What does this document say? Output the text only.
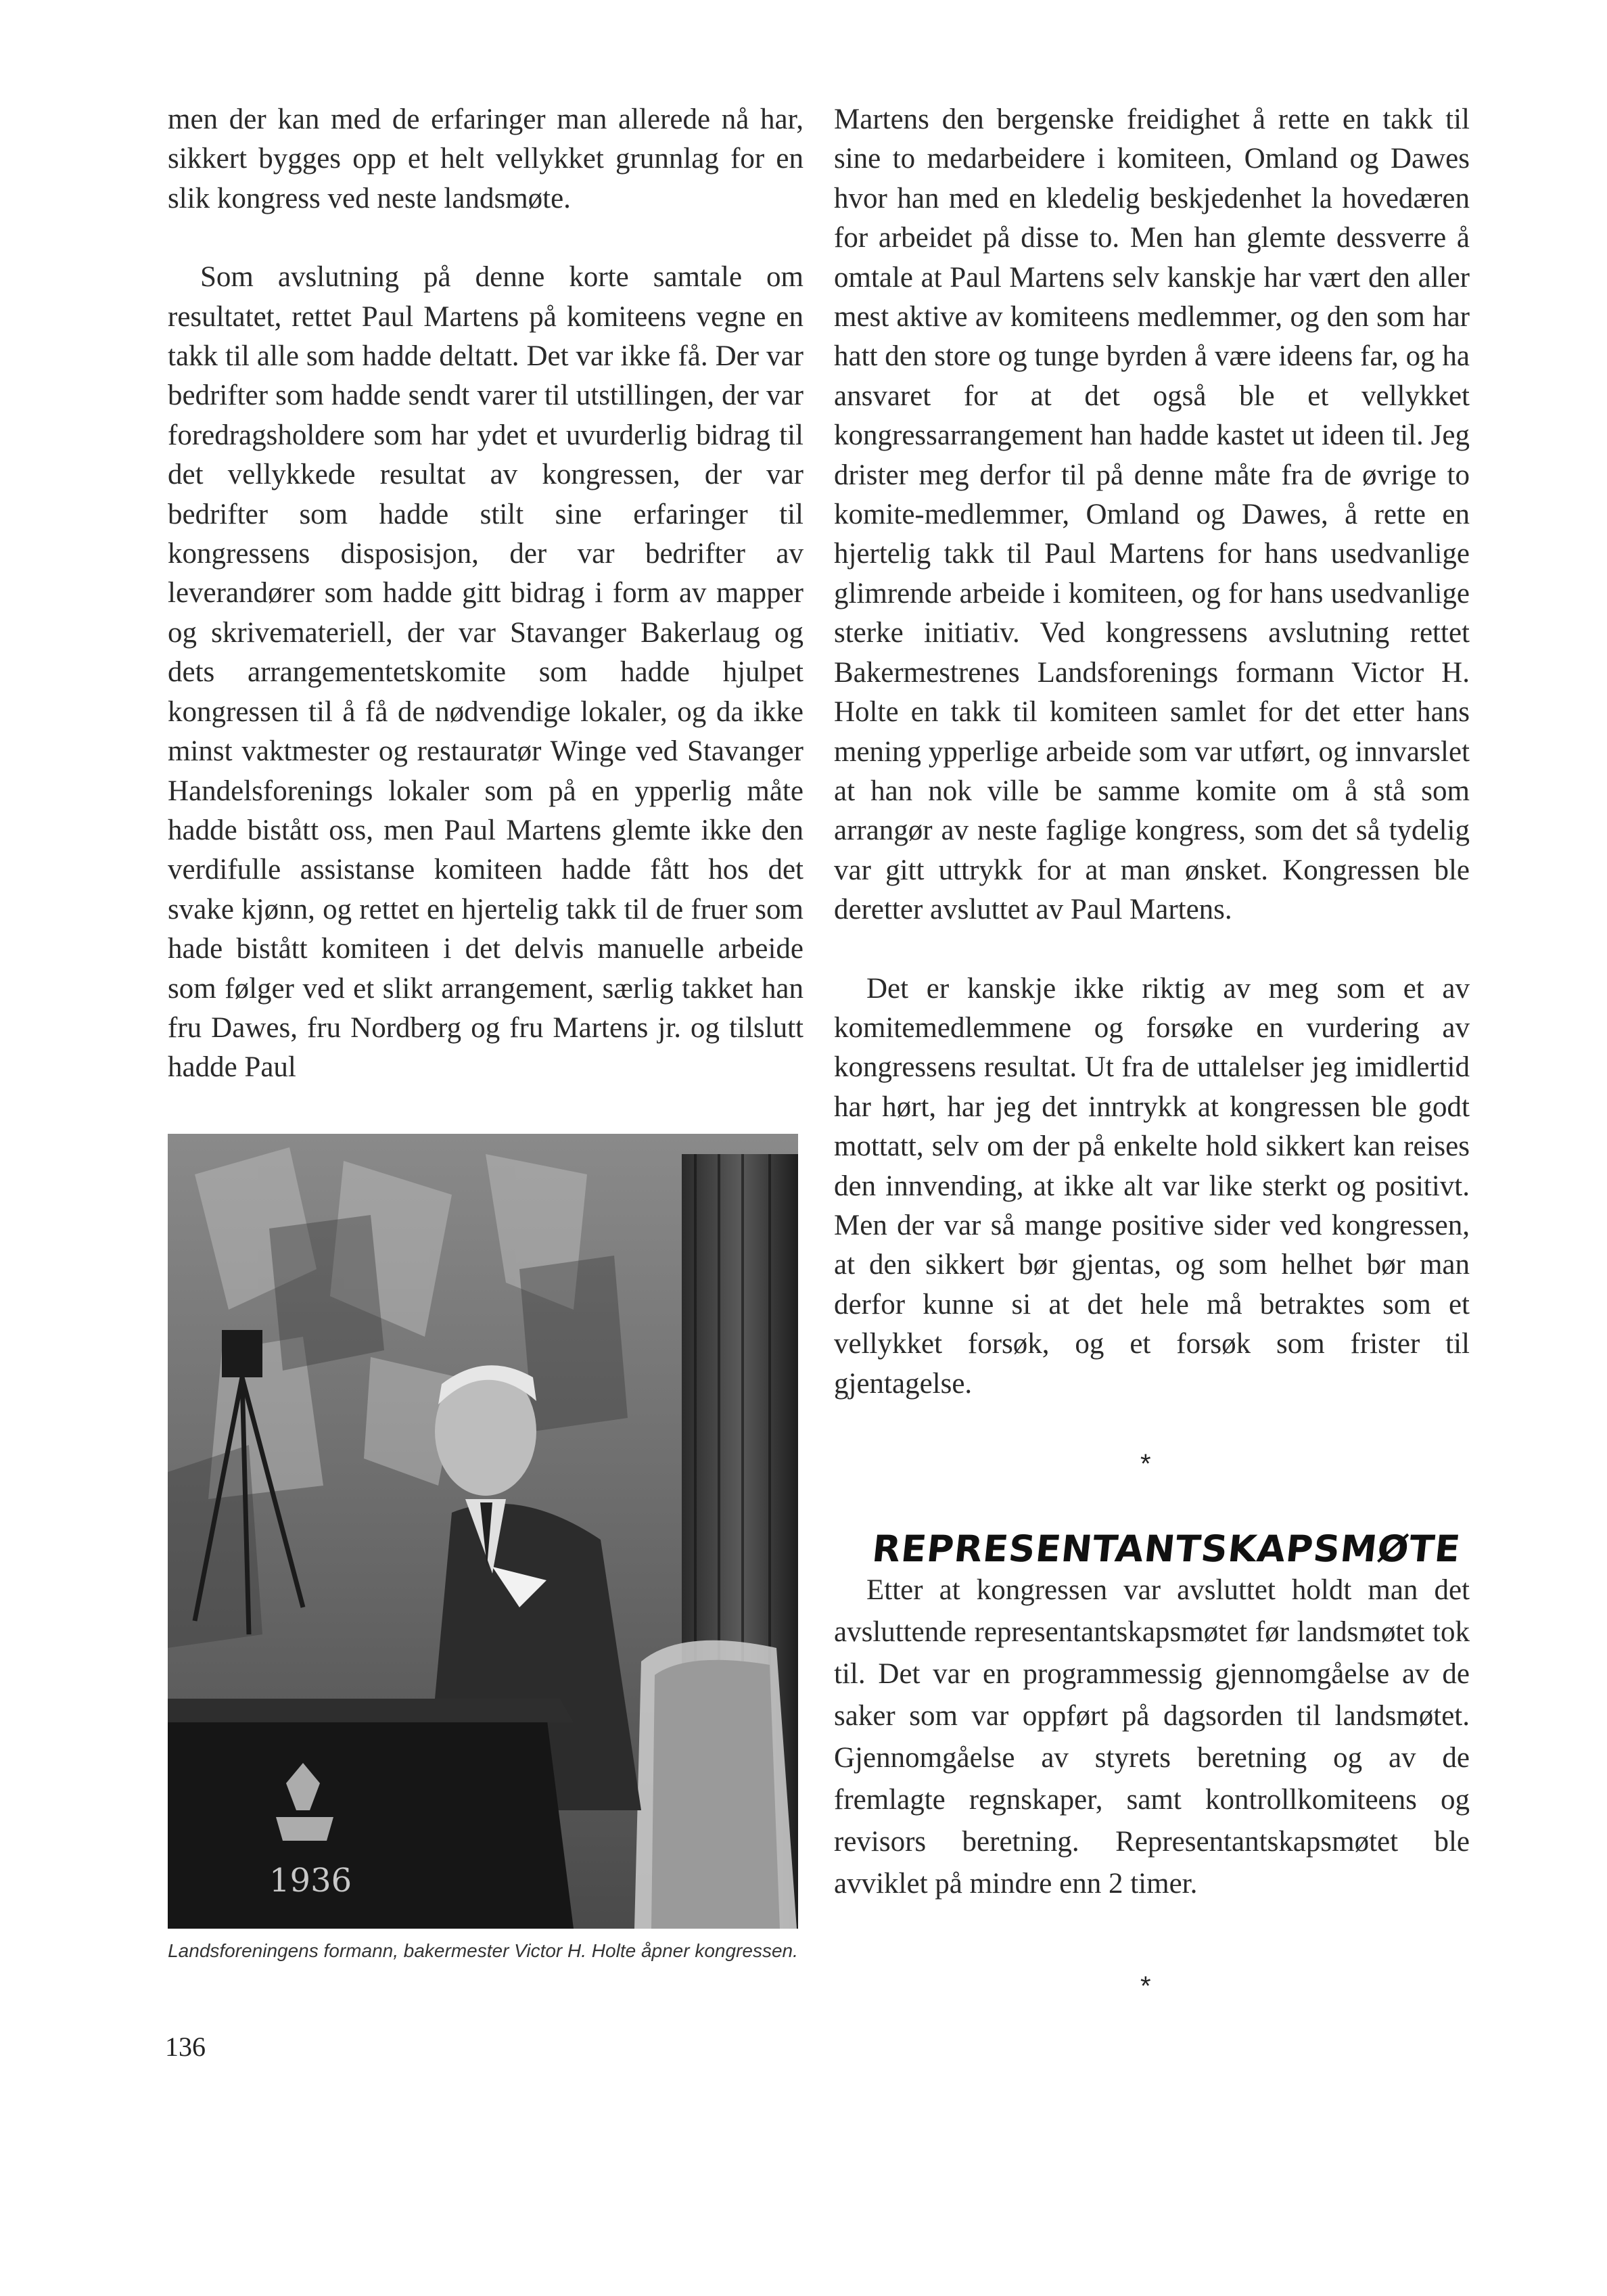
men der kan med de erfaringer man allerede nå har, sikkert bygges opp et helt vellykket grunnlag for en slik kongress ved neste landsmøte.

Som avslutning på denne korte samtale om resultatet, rettet Paul Martens på komiteens vegne en takk til alle som hadde deltatt. Det var ikke få. Der var bedrifter som hadde sendt varer til utstillingen, der var foredragsholdere som har ydet et uvurderlig bidrag til det vellykkede resultat av kongressen, der var bedrifter som hadde stilt sine erfaringer til kongressens disposisjon, der var bedrifter av leverandører som hadde gitt bidrag i form av mapper og skrivemateriell, der var Stavanger Bakerlaug og dets arrangementetskomite som hadde hjulpet kongressen til å få de nødvendige lokaler, og da ikke minst vaktmester og restauratør Winge ved Stavanger Handelsforenings lokaler som på en ypperlig måte hadde bistått oss, men Paul Martens glemte ikke den verdifulle assistanse komiteen hadde fått hos det svake kjønn, og rettet en hjertelig takk til de fruer som hade bistått komiteen i det delvis manuelle arbeide som følger ved et slikt arrangement, særlig takket han fru Dawes, fru Nordberg og fru Martens jr. og tilslutt hadde Paul

Martens den bergenske freidighet å rette en takk til sine to medarbeidere i komiteen, Omland og Dawes hvor han med en kledelig beskjedenhet la hovedæren for arbeidet på disse to. Men han glemte dessverre å omtale at Paul Martens selv kanskje har vært den aller mest aktive av komiteens medlemmer, og den som har hatt den store og tunge byrden å være ideens far, og ha ansvaret for at det også ble et vellykket kongressarrangement han hadde kastet ut ideen til. Jeg drister meg derfor til på denne måte fra de øvrige to komite-medlemmer, Omland og Dawes, å rette en hjertelig takk til Paul Martens for hans usedvanlige glimrende arbeide i komiteen, og for hans usedvanlige sterke initiativ. Ved kongressens avslutning rettet Bakermestrenes Landsforenings formann Victor H. Holte en takk til komiteen samlet for det etter hans mening ypperlige arbeide som var utført, og innvarslet at han nok ville be samme komite om å stå som arrangør av neste faglige kongress, som det så tydelig var gitt uttrykk for at man ønsket. Kongressen ble deretter avsluttet av Paul Martens.

Det er kanskje ikke riktig av meg som et av komitemedlemmene og forsøke en vurdering av kongressens resultat. Ut fra de uttalelser jeg imidlertid har hørt, har jeg det inntrykk at kongressen ble godt mottatt, selv om der på enkelte hold sikkert kan reises den innvending, at ikke alt var like sterkt og positivt. Men der var så mange positive sider ved kongressen, at den sikkert bør gjentas, og som helhet bør man derfor kunne si at det hele må betraktes som et vellykket forsøk, og et forsøk som frister til gjentagelse.

1936
Landsforeningens formann, bakermester Victor H. Holte åpner kongressen.
*
REPRESENTANTSKAPSMØTE

Etter at kongressen var avsluttet holdt man det avsluttende representantskapsmøtet før landsmøtet tok til. Det var en programmessig gjennomgåelse av de saker som var oppført på dagsorden til landsmøtet. Gjennomgåelse av styrets beretning og av de fremlagte regnskaper, samt kontrollkomiteens og revisors beretning. Representantskapsmøtet ble avviklet på mindre enn 2 timer.

*
136
